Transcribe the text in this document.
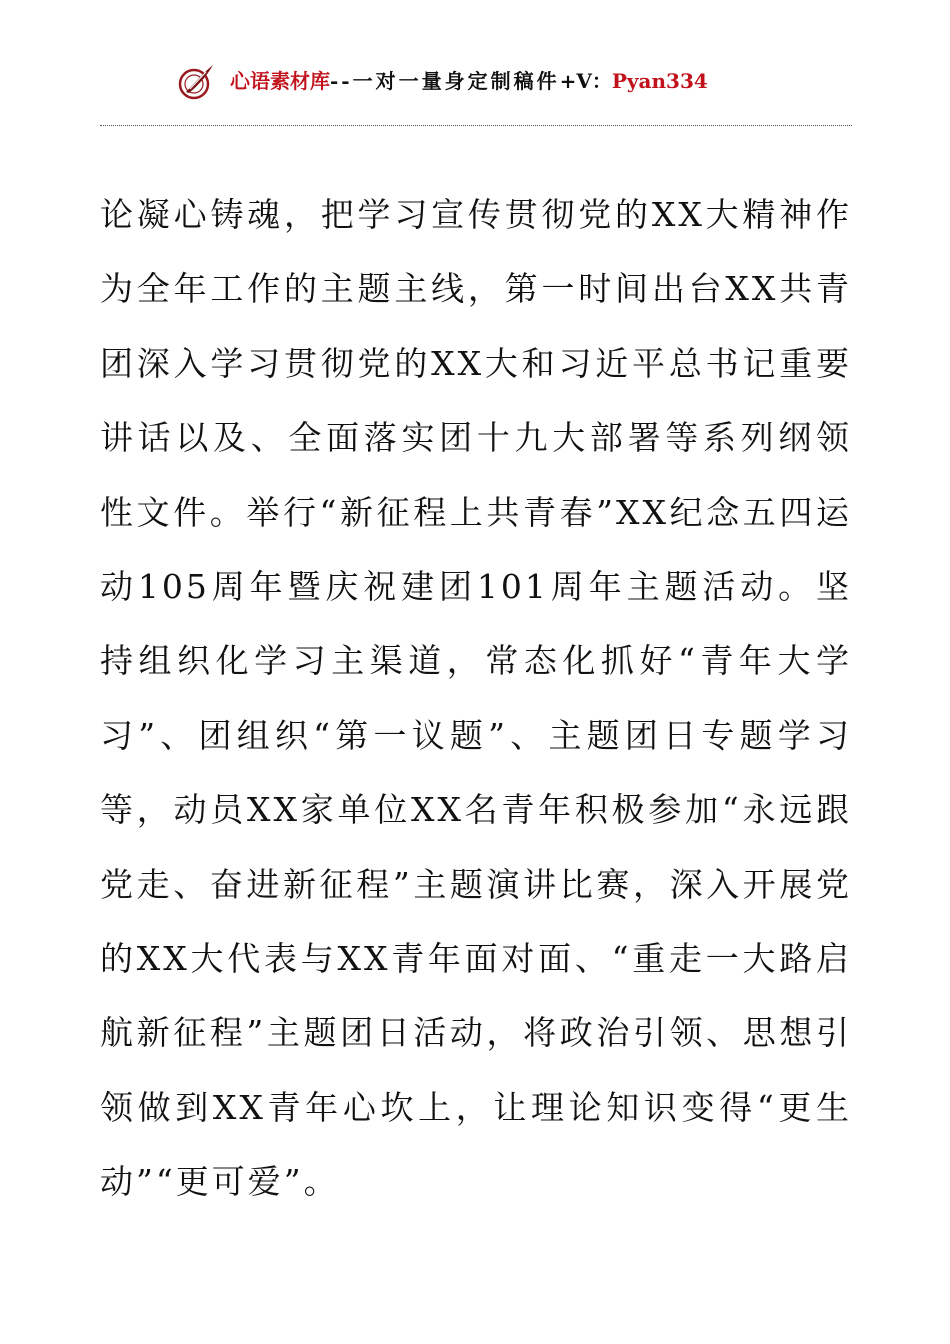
心语素材库--一对一量身定制稿件+V：Pyan334
论凝心铸魂，把学习宣传贯彻党的XX大精神作为全年工作的主题主线，第一时间出台XX共青团深入学习贯彻党的XX大和习近平总书记重要讲话以及、全面落实团十九大部署等系列纲领性文件。举行“新征程上共青春”XX纪念五四运动105周年暨庆祝建团101周年主题活动。坚持组织化学习主渠道，常态化抓好“青年大学习”、团组织“第一议题”、主题团日专题学习等，动员XX家单位XX名青年积极参加“永远跟党走、奋进新征程”主题演讲比赛，深入开展党的XX大代表与XX青年面对面、“重走一大路启航新征程”主题团日活动，将政治引领、思想引领做到XX青年心坎上，让理论知识变得“更生动”“更可爱”。
